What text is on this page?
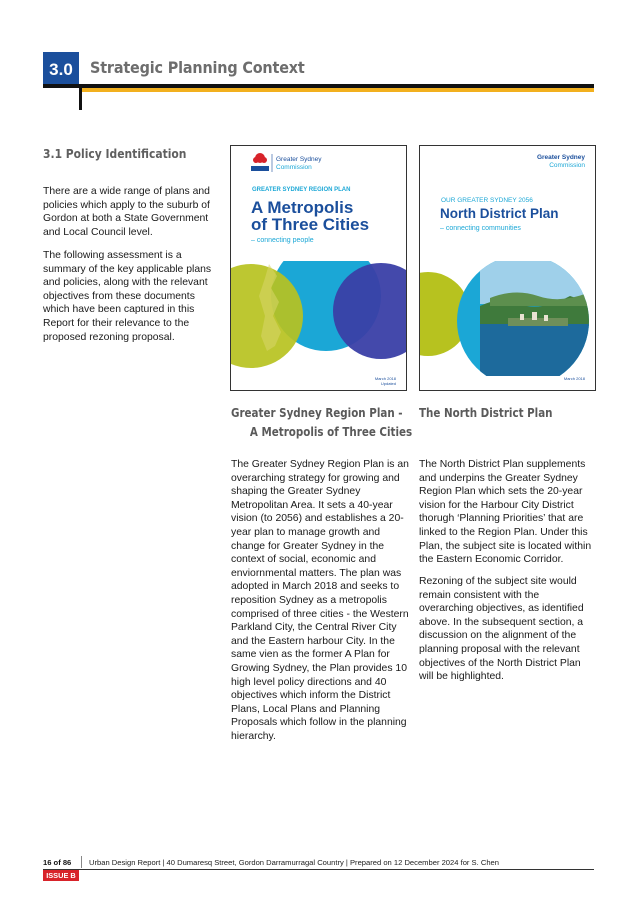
3.0	Strategic Planning Context
3.1 Policy Identification

There are a wide range of plans and policies which apply to the suburb of Gordon at both a State Government and Local Council level.

The following assessment is a summary of the key applicable plans and policies, along with the relevant objectives from these documents which have been captured in this Report for their relevance to the proposed rezoning proposal.

Greater Sydney
Commission
GREATER SYDNEY REGION PLAN
A Metropolis
of Three Cities
– connecting people
March 2018
Updated
Greater Sydney
Commission
OUR GREATER SYDNEY 2056
North District Plan
– connecting communities
March 2018
Greater Sydney Region Plan -
A Metropolis of Three Cities
The North District Plan

The Greater Sydney Region Plan is an overarching strategy for growing and shaping the Greater Sydney Metropolitan Area. It sets a 40-year vision (to 2056) and establishes a 20-year plan to manage growth and change for Greater Sydney in the context of social, economic and enviornmental matters. The plan was adopted in March 2018 and seeks to reposition Sydney as a metropolis comprised of three cities - the Western Parkland City, the Central River City and the Eastern harbour City. In the same vien as the former A Plan for Growing Sydney, the Plan provides 10 high level policy directions and 40 objectives which inform the District Plans, Local Plans and Planning Proposals which follow in the planning hierarchy.

The North District Plan supplements and underpins the Greater Sydney Region Plan which sets the 20-year vision for the Harbour City District thorugh ‘Planning Priorities’ that are linked to the Region Plan. Under this Plan, the subject site is located within the Eastern Economic Corridor.

Rezoning of the subject site would remain consistent with the overarching objectives, as identified above. In the subsequent section, a discussion on the alignment of the planning proposal with the relevant objectives of the North District Plan will be highlighted.

16 of 86 Urban Design Report | 40 Dumaresq Street, Gordon Darramurragal Country | Prepared on 12 December 2024 for S. Chen
ISSUE B
